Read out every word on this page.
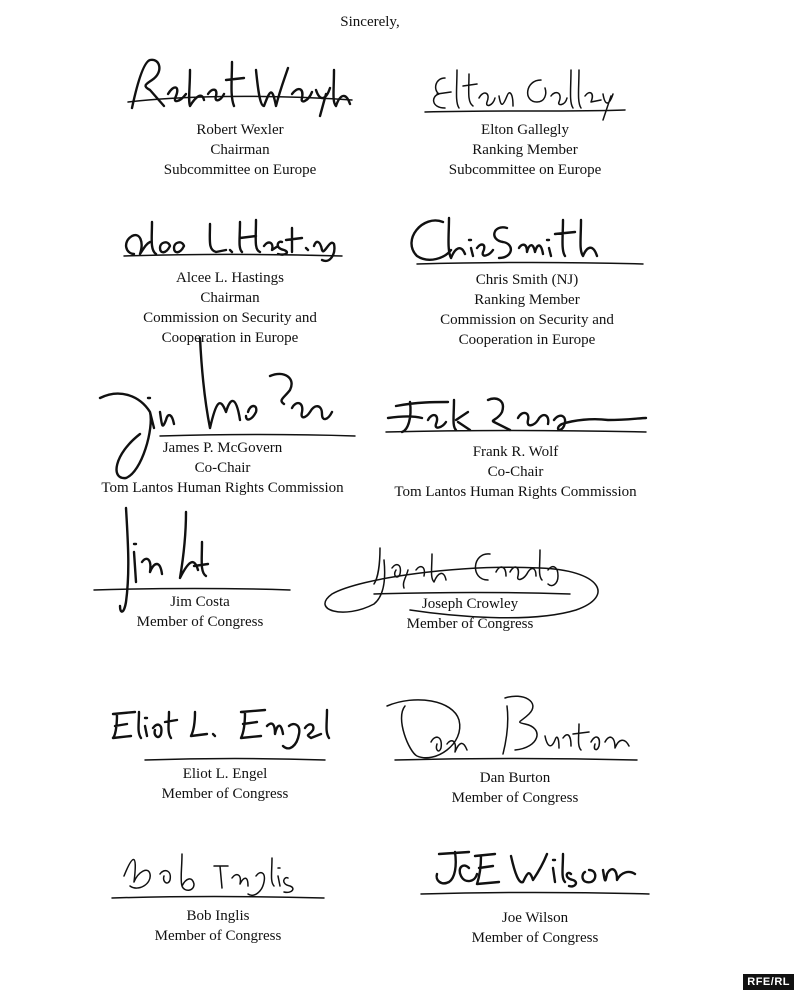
Sincerely,
Robert Wexler
Chairman
Subcommittee on Europe
Elton Gallegly
Ranking Member
Subcommittee on Europe
Alcee L. Hastings
Chairman
Commission on Security and
Cooperation in Europe
Chris Smith (NJ)
Ranking Member
Commission on Security and
Cooperation in Europe
James P. McGovern
Co-Chair
Tom Lantos Human Rights Commission
Frank R. Wolf
Co-Chair
Tom Lantos Human Rights Commission
Jim Costa
Member of Congress
Joseph Crowley
Member of Congress
Eliot L. Engel
Member of Congress
Dan Burton
Member of Congress
Bob Inglis
Member of Congress
Joe Wilson
Member of Congress
RFE/RL
